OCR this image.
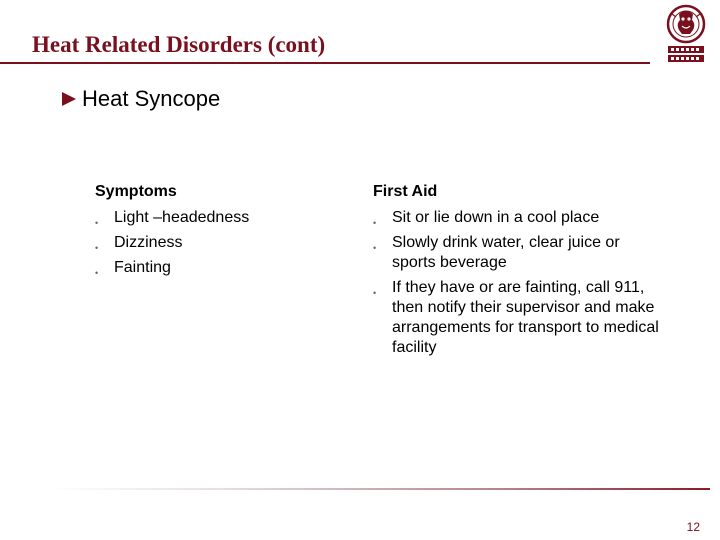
Heat Related Disorders (cont)
Heat Syncope
Symptoms
• Light –headedness
• Dizziness
• Fainting
First Aid
• Sit or lie down in a cool place
• Slowly drink water, clear juice or sports beverage
• If they have or are fainting, call 911, then notify their supervisor and make arrangements for transport to medical facility
12
